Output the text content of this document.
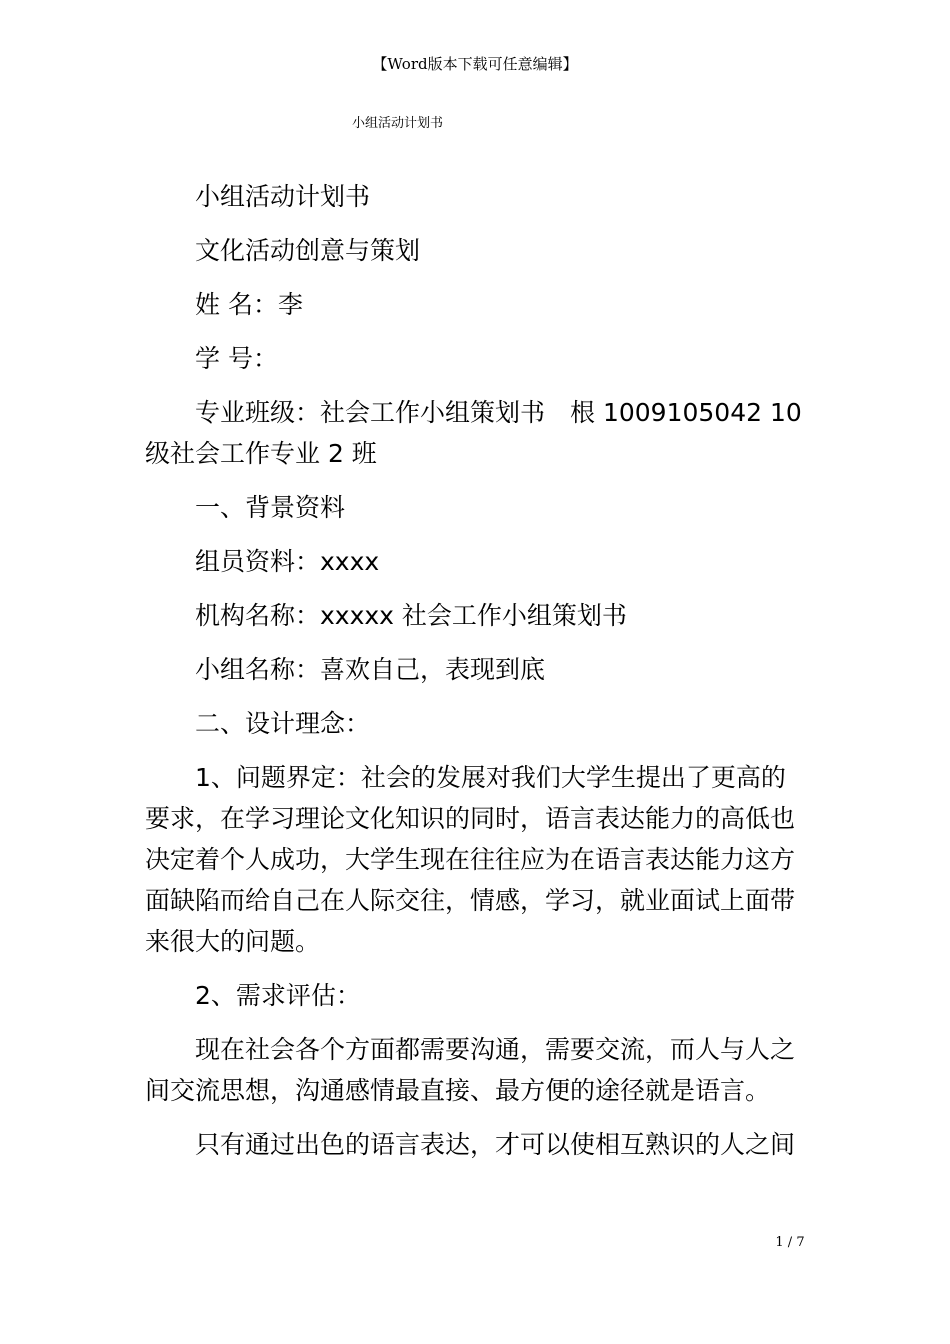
【Word版本下载可任意编辑】
小组活动计划书

小组活动计划书

文化活动创意与策划

姓 名：李

学 号：

专业班级：社会工作小组策划书　根 1009105042 10级社会工作专业 2 班

一、背景资料

组员资料：xxxx

机构名称：xxxxx 社会工作小组策划书

小组名称：喜欢自己，表现到底

二、设计理念：

1、问题界定：社会的发展对我们大学生提出了更高的要求，在学习理论文化知识的同时，语言表达能力的高低也决定着个人成功，大学生现在往往应为在语言表达能力这方面缺陷而给自己在人际交往，情感，学习，就业面试上面带来很大的问题。

2、需求评估：

现在社会各个方面都需要沟通，需要交流，而人与人之间交流思想，沟通感情最直接、最方便的途径就是语言。

只有通过出色的语言表达，才可以使相互熟识的人之间

1 / 7
